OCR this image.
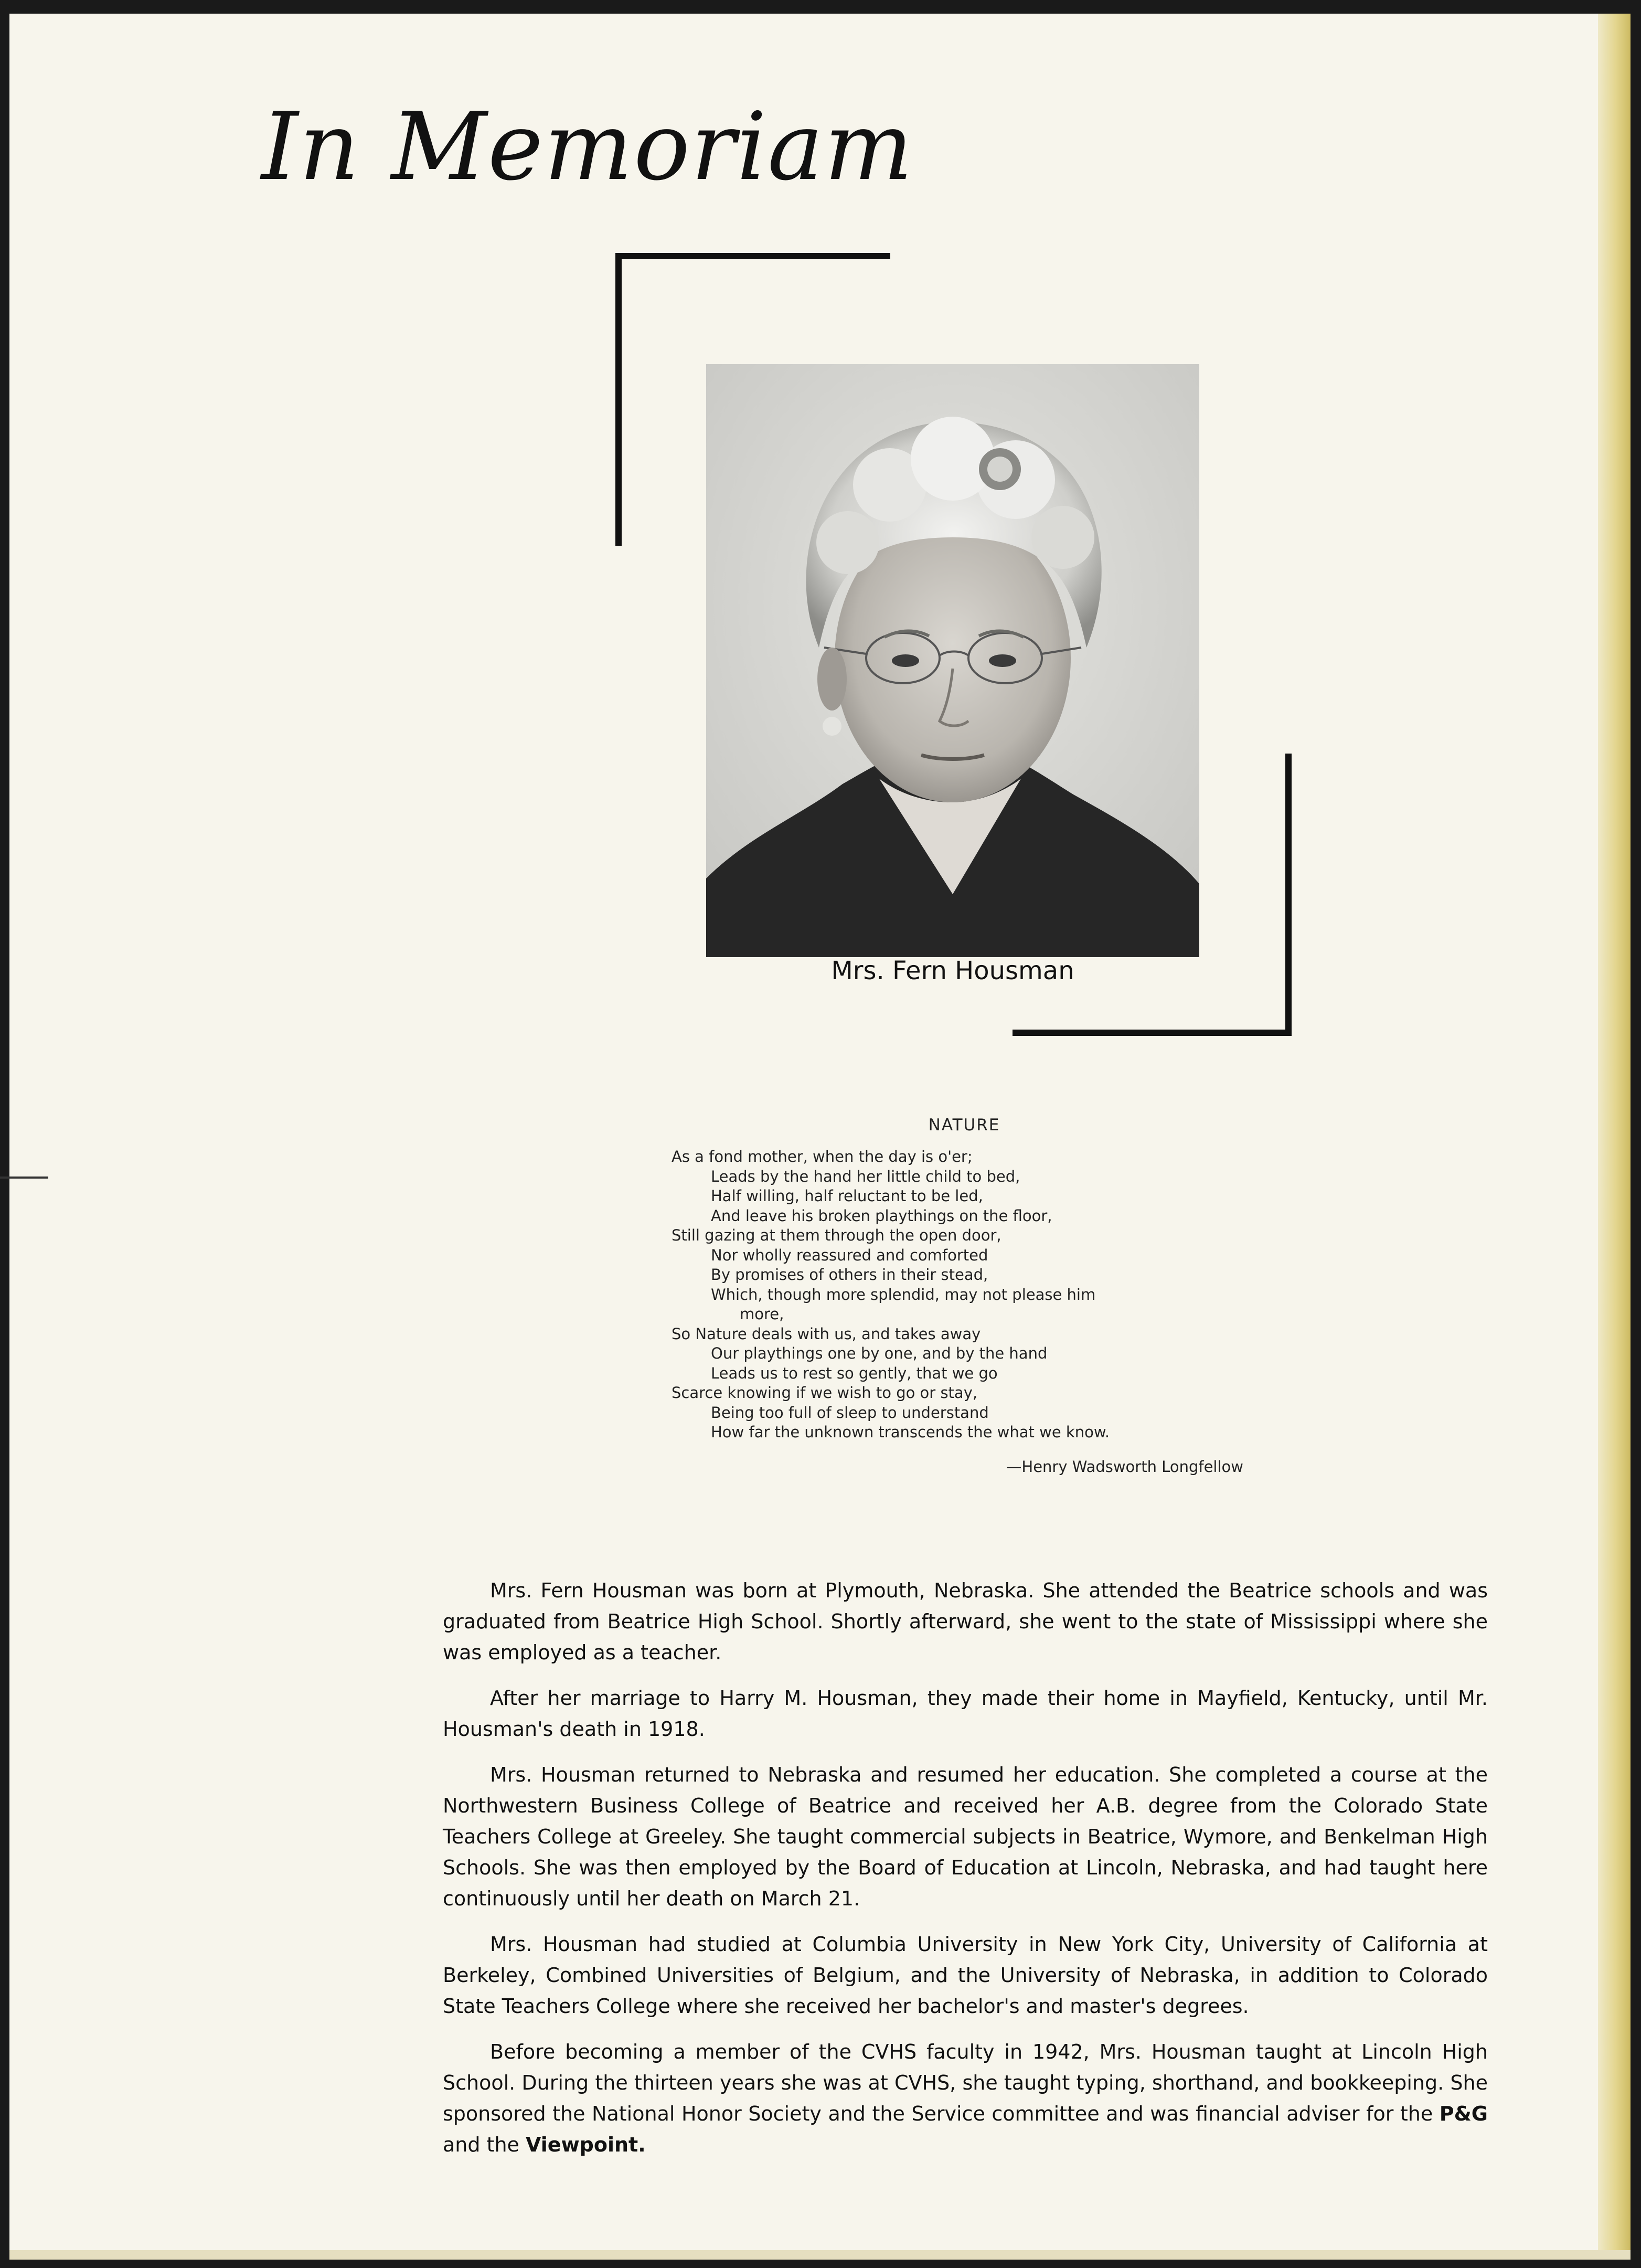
In Memoriam
Mrs. Fern Housman
NATURE
As a fond mother, when the day is o'er;
Leads by the hand her little child to bed,
Half willing, half reluctant to be led,
And leave his broken playthings on the floor,
Still gazing at them through the open door,
Nor wholly reassured and comforted
By promises of others in their stead,
Which, though more splendid, may not please him
more,
So Nature deals with us, and takes away
Our playthings one by one, and by the hand
Leads us to rest so gently, that we go
Scarce knowing if we wish to go or stay,
Being too full of sleep to understand
How far the unknown transcends the what we know.
—Henry Wadsworth Longfellow

Mrs. Fern Housman was born at Plymouth, Nebraska. She attended the Beatrice schools and was graduated from Beatrice High School. Shortly afterward, she went to the state of Mississippi where she was employed as a teacher.

After her marriage to Harry M. Housman, they made their home in Mayfield, Kentucky, until Mr. Housman's death in 1918.

Mrs. Housman returned to Nebraska and resumed her education. She completed a course at the Northwestern Business College of Beatrice and received her A.B. degree from the Colorado State Teachers College at Greeley. She taught commercial subjects in Beatrice, Wymore, and Benkelman High Schools. She was then employed by the Board of Education at Lincoln, Nebraska, and had taught here continuously until her death on March 21.

Mrs. Housman had studied at Columbia University in New York City, University of California at Berkeley, Combined Universities of Belgium, and the University of Nebraska, in addition to Colorado State Teachers College where she received her bachelor's and master's degrees.

Before becoming a member of the CVHS faculty in 1942, Mrs. Housman taught at Lincoln High School. During the thirteen years she was at CVHS, she taught typing, shorthand, and bookkeeping. She sponsored the National Honor Society and the Service committee and was financial adviser for the P&G and the Viewpoint.
